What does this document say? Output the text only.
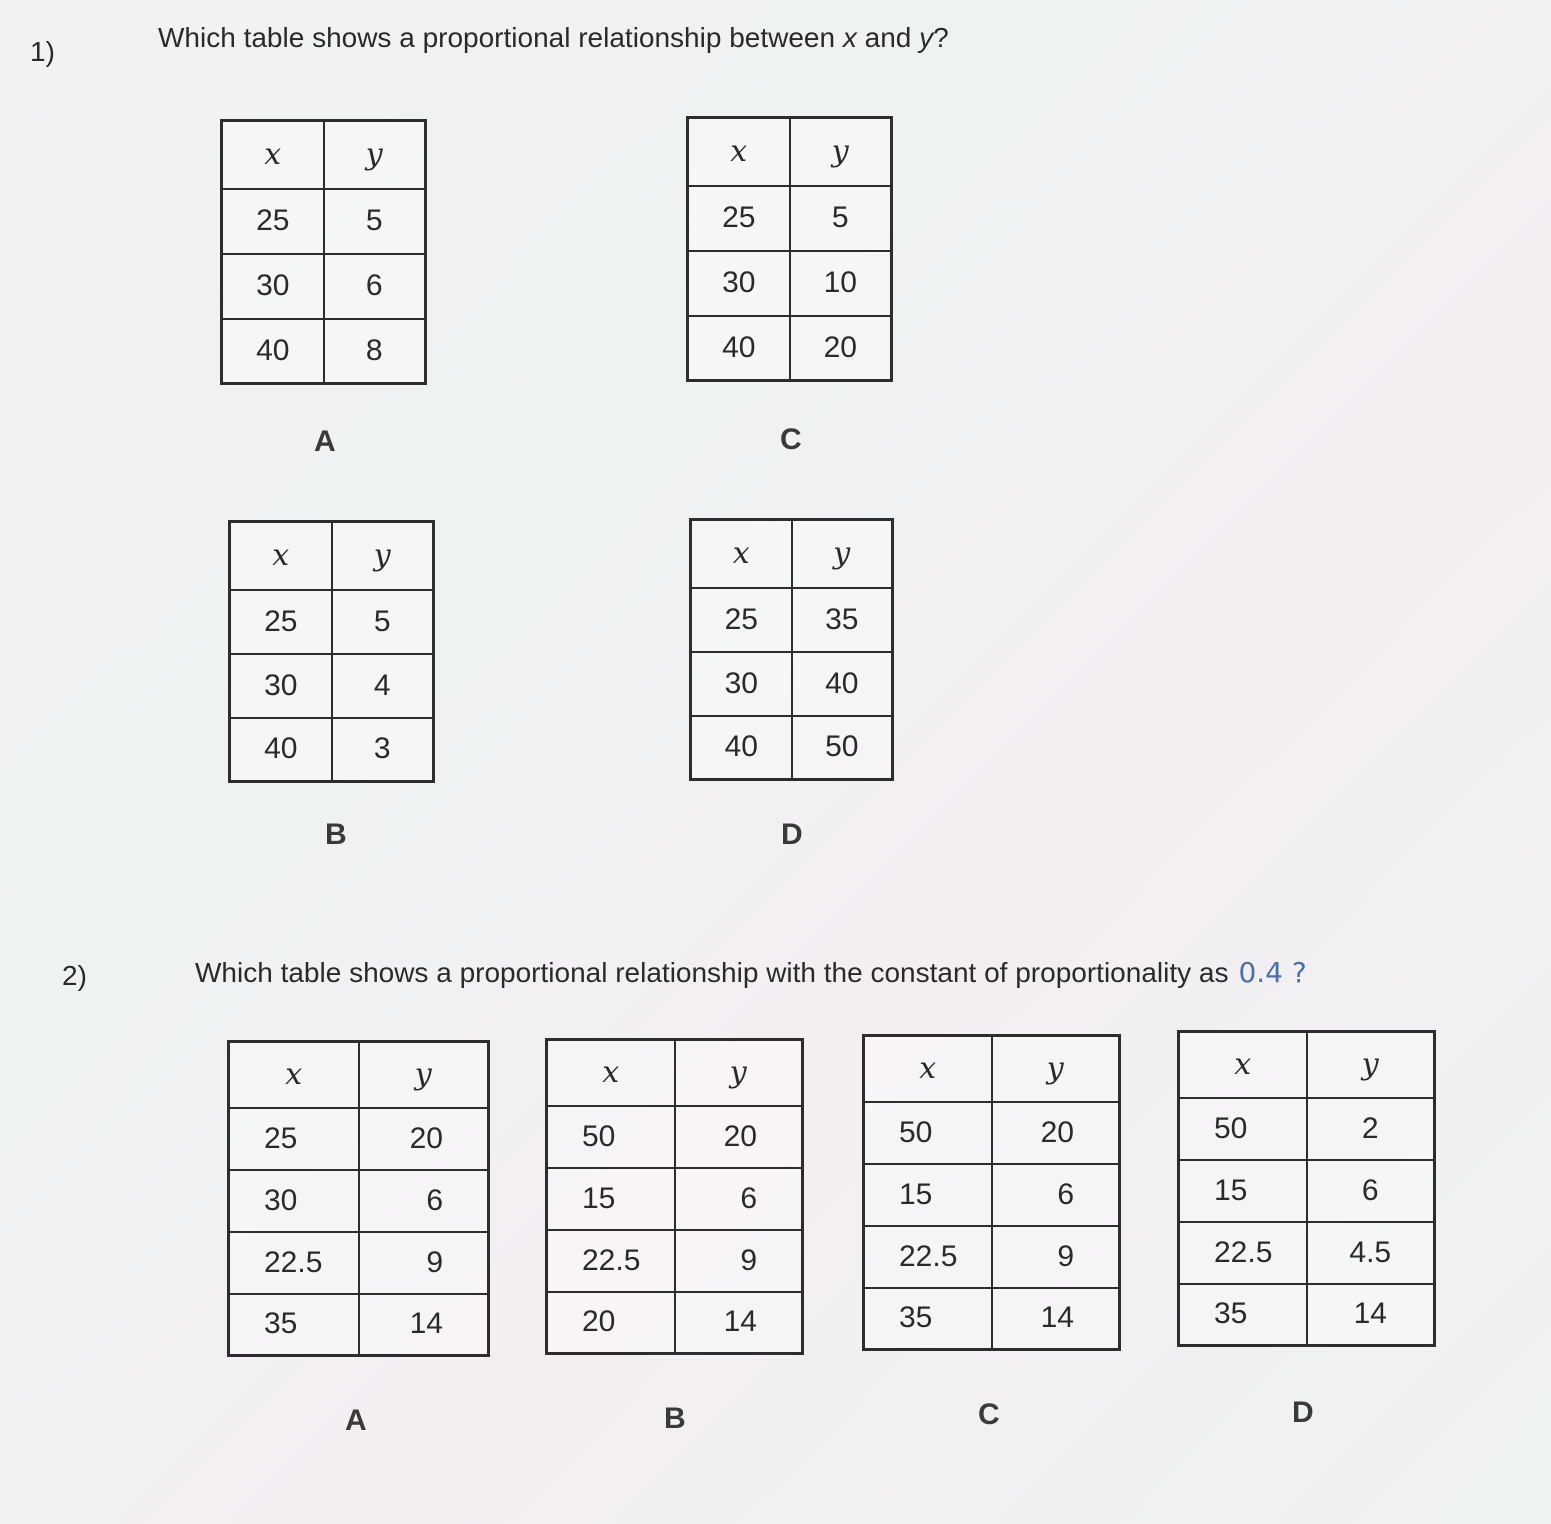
1)	Which table shows a proportional relationship between x and y?
x	y
25	5
30	6
40	8
A
x	y
25	5
30	10
40	20
C
x	y
25	5
30	4
40	3
B
x	y
25	35
30	40
40	50
D
2)	Which table shows a proportional relationship with the constant of proportionality as 0.4 ?
x	y
25	20
30	6
22.5	9
35	14
A
x	y
50	20
15	6
22.5	9
20	14
B
x	y
50	20
15	6
22.5	9
35	14
C
x	y
50	2
15	6
22.5	4.5
35	14
D
